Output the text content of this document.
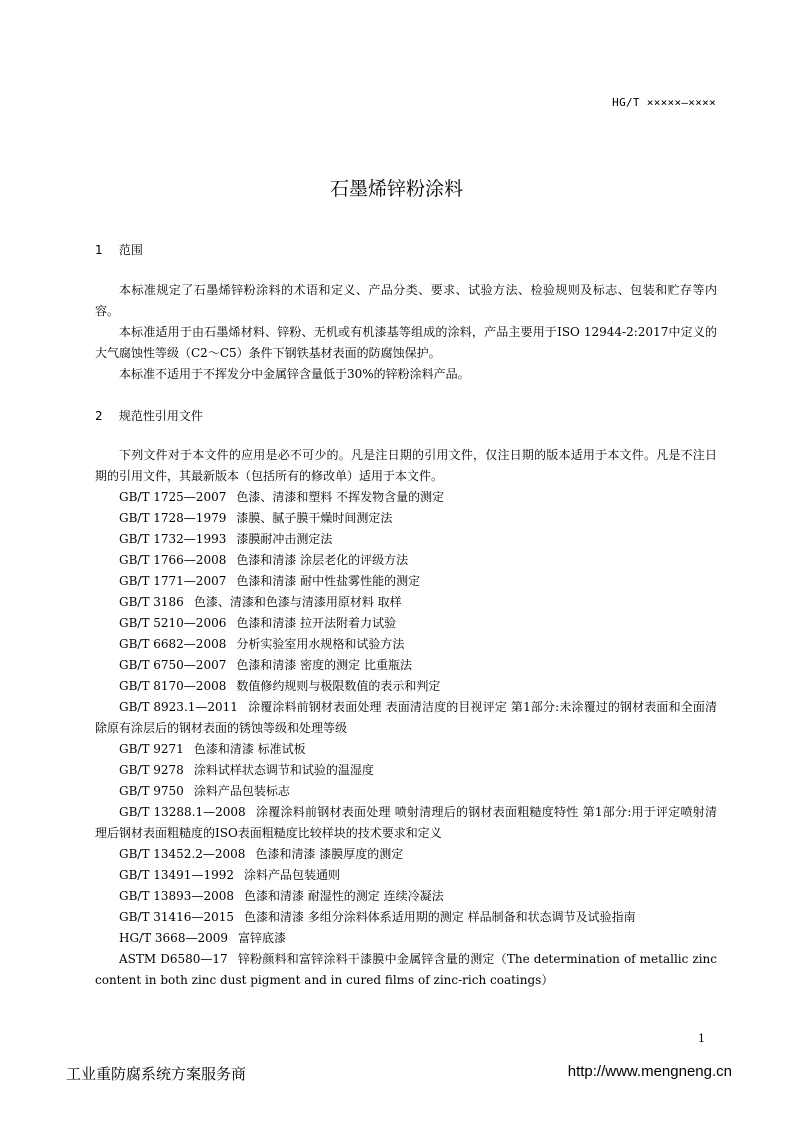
HG/T ×××××—××××
石墨烯锌粉涂料
1 范围

本标准规定了石墨烯锌粉涂料的术语和定义、产品分类、要求、试验方法、检验规则及标志、包装和贮存等内容。

本标准适用于由石墨烯材料、锌粉、无机或有机漆基等组成的涂料，产品主要用于ISO 12944-2:2017中定义的大气腐蚀性等级（C2～C5）条件下钢铁基材表面的防腐蚀保护。

本标准不适用于不挥发分中金属锌含量低于30%的锌粉涂料产品。

2 规范性引用文件

下列文件对于本文件的应用是必不可少的。凡是注日期的引用文件，仅注日期的版本适用于本文件。凡是不注日期的引用文件，其最新版本（包括所有的修改单）适用于本文件。

GB/T 1725—2007 色漆、清漆和塑料 不挥发物含量的测定
GB/T 1728—1979 漆膜、腻子膜干燥时间测定法
GB/T 1732—1993 漆膜耐冲击测定法
GB/T 1766—2008 色漆和清漆 涂层老化的评级方法
GB/T 1771—2007 色漆和清漆 耐中性盐雾性能的测定
GB/T 3186 色漆、清漆和色漆与清漆用原材料 取样
GB/T 5210—2006 色漆和清漆 拉开法附着力试验
GB/T 6682—2008 分析实验室用水规格和试验方法
GB/T 6750—2007 色漆和清漆 密度的测定 比重瓶法
GB/T 8170—2008 数值修约规则与极限数值的表示和判定
GB/T 8923.1—2011 涂覆涂料前钢材表面处理 表面清洁度的目视评定 第1部分:未涂覆过的钢材表面和全面清除原有涂层后的钢材表面的锈蚀等级和处理等级
GB/T 9271 色漆和清漆 标准试板
GB/T 9278 涂料试样状态调节和试验的温湿度
GB/T 9750 涂料产品包装标志
GB/T 13288.1—2008 涂覆涂料前钢材表面处理 喷射清理后的钢材表面粗糙度特性 第1部分:用于评定喷射清理后钢材表面粗糙度的ISO表面粗糙度比较样块的技术要求和定义
GB/T 13452.2—2008 色漆和清漆 漆膜厚度的测定
GB/T 13491—1992 涂料产品包装通则
GB/T 13893—2008 色漆和清漆 耐湿性的测定 连续冷凝法
GB/T 31416—2015 色漆和清漆 多组分涂料体系适用期的测定 样品制备和状态调节及试验指南
HG/T 3668—2009 富锌底漆
ASTM D6580—17 锌粉颜料和富锌涂料干漆膜中金属锌含量的测定（The determination of metallic zinc content in both zinc dust pigment and in cured films of zinc-rich coatings）
1
工业重防腐系统方案服务商	http://www.mengneng.cn
